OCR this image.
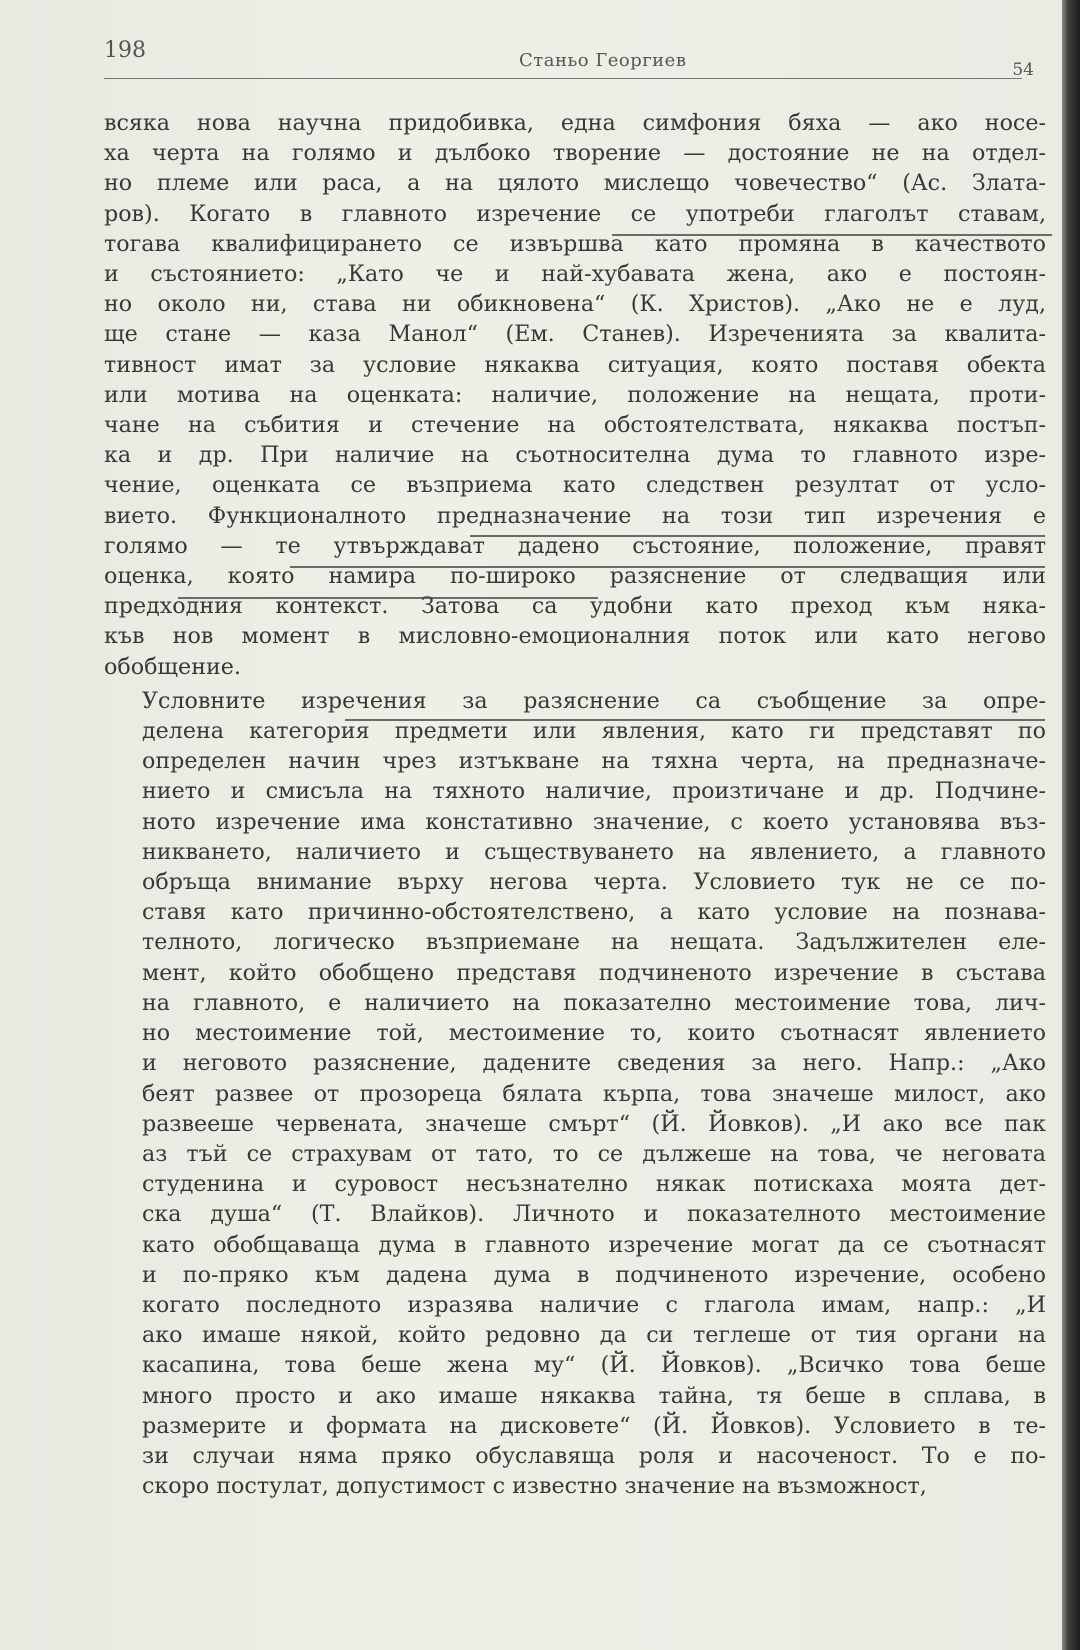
198	Станьо Георгиев	54

всяка нова научна придобивка, една симфония бяха — ако носе-
ха черта на голямо и дълбоко творение — достояние не на отдел-
но племе или раса, а на цялото мислещо човечество“ (Ас. Злата-
ров). Когато в главното изречение се употреби глаголът ставам,
тогава квалифицирането се извършва като промяна в качеството
и състоянието: „Като че и най-хубавата жена, ако е постоян-
но около ни, става ни обикновена“ (К. Христов). „Ако не е луд,
ще стане — каза Манол“ (Ем. Станев). Изреченията за квалита-
тивност имат за условие някаква ситуация, която поставя обекта
или мотива на оценката: наличие, положение на нещата, проти-
чане на събития и стечение на обстоятелствата, някаква постъп-
ка и др. При наличие на съотносителна дума то главното изре-
чение, оценката се възприема като следствен резултат от усло-
вието. Функционалното предназначение на този тип изречения е
голямо — те утвърждават дадено състояние, положение, правят
оценка, която намира по-широко разяснение от следващия или
предходния контекст. Затова са удобни като преход към няка-
къв нов момент в мисловно-емоционалния поток или като негово
обобщение.

Условните изречения за разяснение са съобщение за опре-
делена категория предмети или явления, като ги представят по
определен начин чрез изтъкване на тяхна черта, на предназначе-
нието и смисъла на тяхното наличие, произтичане и др. Подчине-
ното изречение има констативно значение, с което установява въз-
никването, наличието и съществуването на явлението, а главното
обръща внимание върху негова черта. Условието тук не се по-
ставя като причинно-обстоятелствено, а като условие на познава-
телното, логическо възприемане на нещата. Задължителен еле-
мент, който обобщено представя подчиненото изречение в състава
на главното, е наличието на показателно местоимение това, лич-
но местоимение той, местоимение то, които съотнасят явлението
и неговото разяснение, дадените сведения за него. Напр.: „Ако
беят развее от прозореца бялата кърпа, това значеше милост, ако
развееше червената, значеше смърт“ (Й. Йовков). „И ако все пак
аз тъй се страхувам от тато, то се дължеше на това, че неговата
студенина и суровост несъзнателно някак потискаха моята дет-
ска душа“ (Т. Влайков). Личното и показателното местоимение
като обобщаваща дума в главното изречение могат да се съотнасят
и по-пряко към дадена дума в подчиненото изречение, особено
когато последното изразява наличие с глагола имам, напр.: „И
ако имаше някой, който редовно да си теглеше от тия органи на
касапина, това беше жена му“ (Й. Йовков). „Всичко това беше
много просто и ако имаше някаква тайна, тя беше в сплава, в
размерите и формата на дисковете“ (Й. Йовков). Условието в те-
зи случаи няма пряко обуславяща роля и насоченост. То е по-
скоро постулат, допустимост с известно значение на възможност,
